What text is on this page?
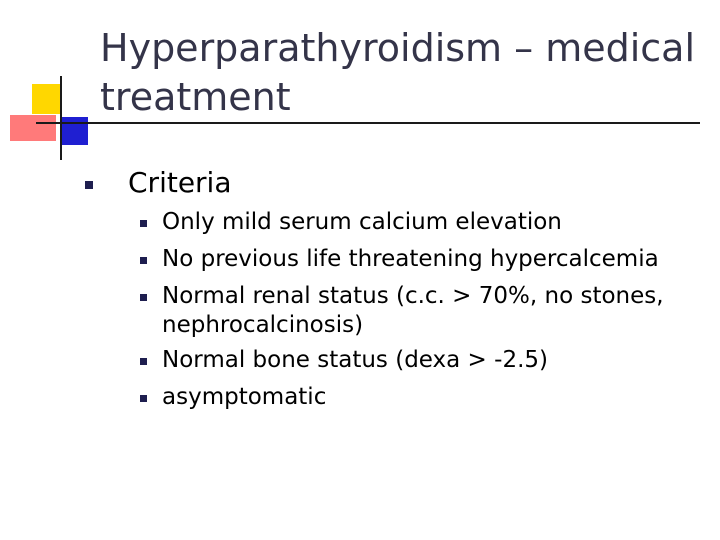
Hyperparathyroidism – medical treatment
Criteria
Only mild serum calcium elevation
No previous life threatening hypercalcemia
Normal renal status (c.c. > 70%, no stones, nephrocalcinosis)
Normal bone status (dexa > -2.5)
asymptomatic
